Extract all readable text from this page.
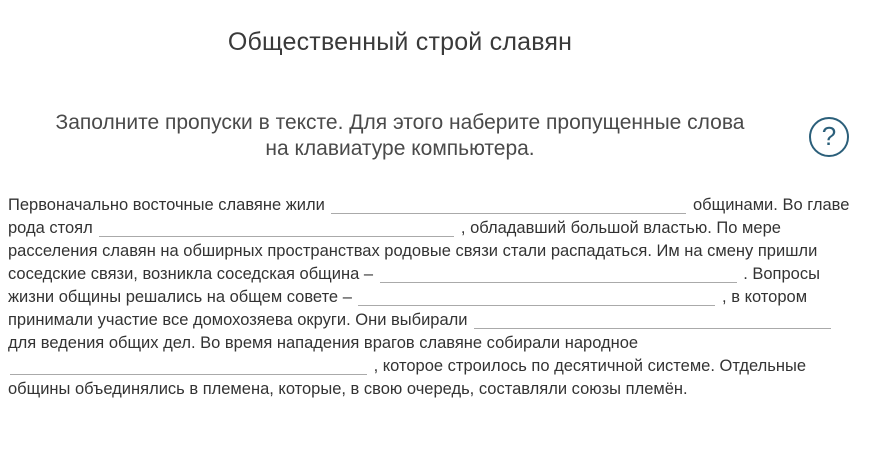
Общественный строй славян
Заполните пропуски в тексте. Для этого наберите пропущенные слова
на клавиатуре компьютера.	?
Первоначально восточные славяне жили	общинами. Во главе рода стоял	, обладавший большой властью. По мере расселения славян на обширных пространствах родовые связи стали распадаться. Им на смену пришли соседские связи, возникла соседская община –	. Вопросы жизни общины решались на общем совете –	, в котором принимали участие все домохозяева округи. Они выбирали  для ведения общих дел. Во время нападения врагов славяне собирали народное  , которое строилось по десятичной системе. Отдельные общины объединялись в племена, которые, в свою очередь, составляли союзы племён.
